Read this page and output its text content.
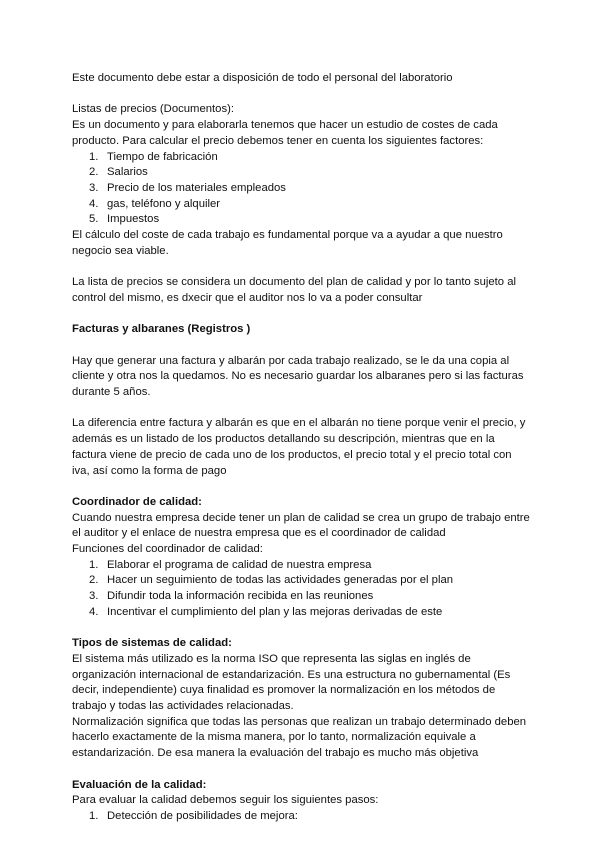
Este documento debe estar a disposición de todo el personal del laboratorio

Listas de precios (Documentos):

Es un documento y para elaborarla tenemos que hacer un estudio de costes de cada producto. Para calcular el precio debemos tener en cuenta los siguientes factores:

1. Tiempo de fabricación
2. Salarios
3. Precio de los materiales empleados
4. gas, teléfono y alquiler
5. Impuestos

El cálculo del coste de cada trabajo es fundamental porque va a ayudar a que nuestro negocio sea viable.

La lista de precios se considera un documento del plan de calidad y por lo tanto sujeto al control del mismo, es dxecir que el auditor nos lo va a poder consultar

Facturas y albaranes (Registros )

Hay que generar una factura y albarán por cada trabajo realizado, se le da una copia al cliente y otra nos la quedamos. No es necesario guardar los albaranes pero si las facturas durante 5 años.

La diferencia entre factura y albarán es que en el albarán no tiene porque venir el precio, y además es un listado de los productos detallando su descripción, mientras que en la factura viene de precio de cada uno de los productos, el precio total y el precio total con iva, así como la forma de pago

Coordinador de calidad:

Cuando nuestra empresa decide tener un plan de calidad se crea un grupo de trabajo entre el auditor y el enlace de nuestra empresa que es el coordinador de calidad

Funciones del coordinador de calidad:

1. Elaborar el programa de calidad de nuestra empresa
2. Hacer un seguimiento de todas las actividades generadas por el plan
3. Difundir toda la información recibida en las reuniones
4. Incentivar el cumplimiento del plan y las mejoras derivadas de este
Tipos de sistemas de calidad:

El sistema más utilizado es la norma ISO que representa las siglas en inglés de organización internacional de estandarización. Es una estructura no gubernamental (Es decir, independiente) cuya finalidad es promover la normalización en los métodos de trabajo y todas las actividades relacionadas.

Normalización significa que todas las personas que realizan un trabajo determinado deben hacerlo exactamente de la misma manera, por lo tanto, normalización equivale a estandarización. De esa manera la evaluación del trabajo es mucho más objetiva

Evaluación de la calidad:

Para evaluar la calidad debemos seguir los siguientes pasos:

1. Detección de posibilidades de mejora:
